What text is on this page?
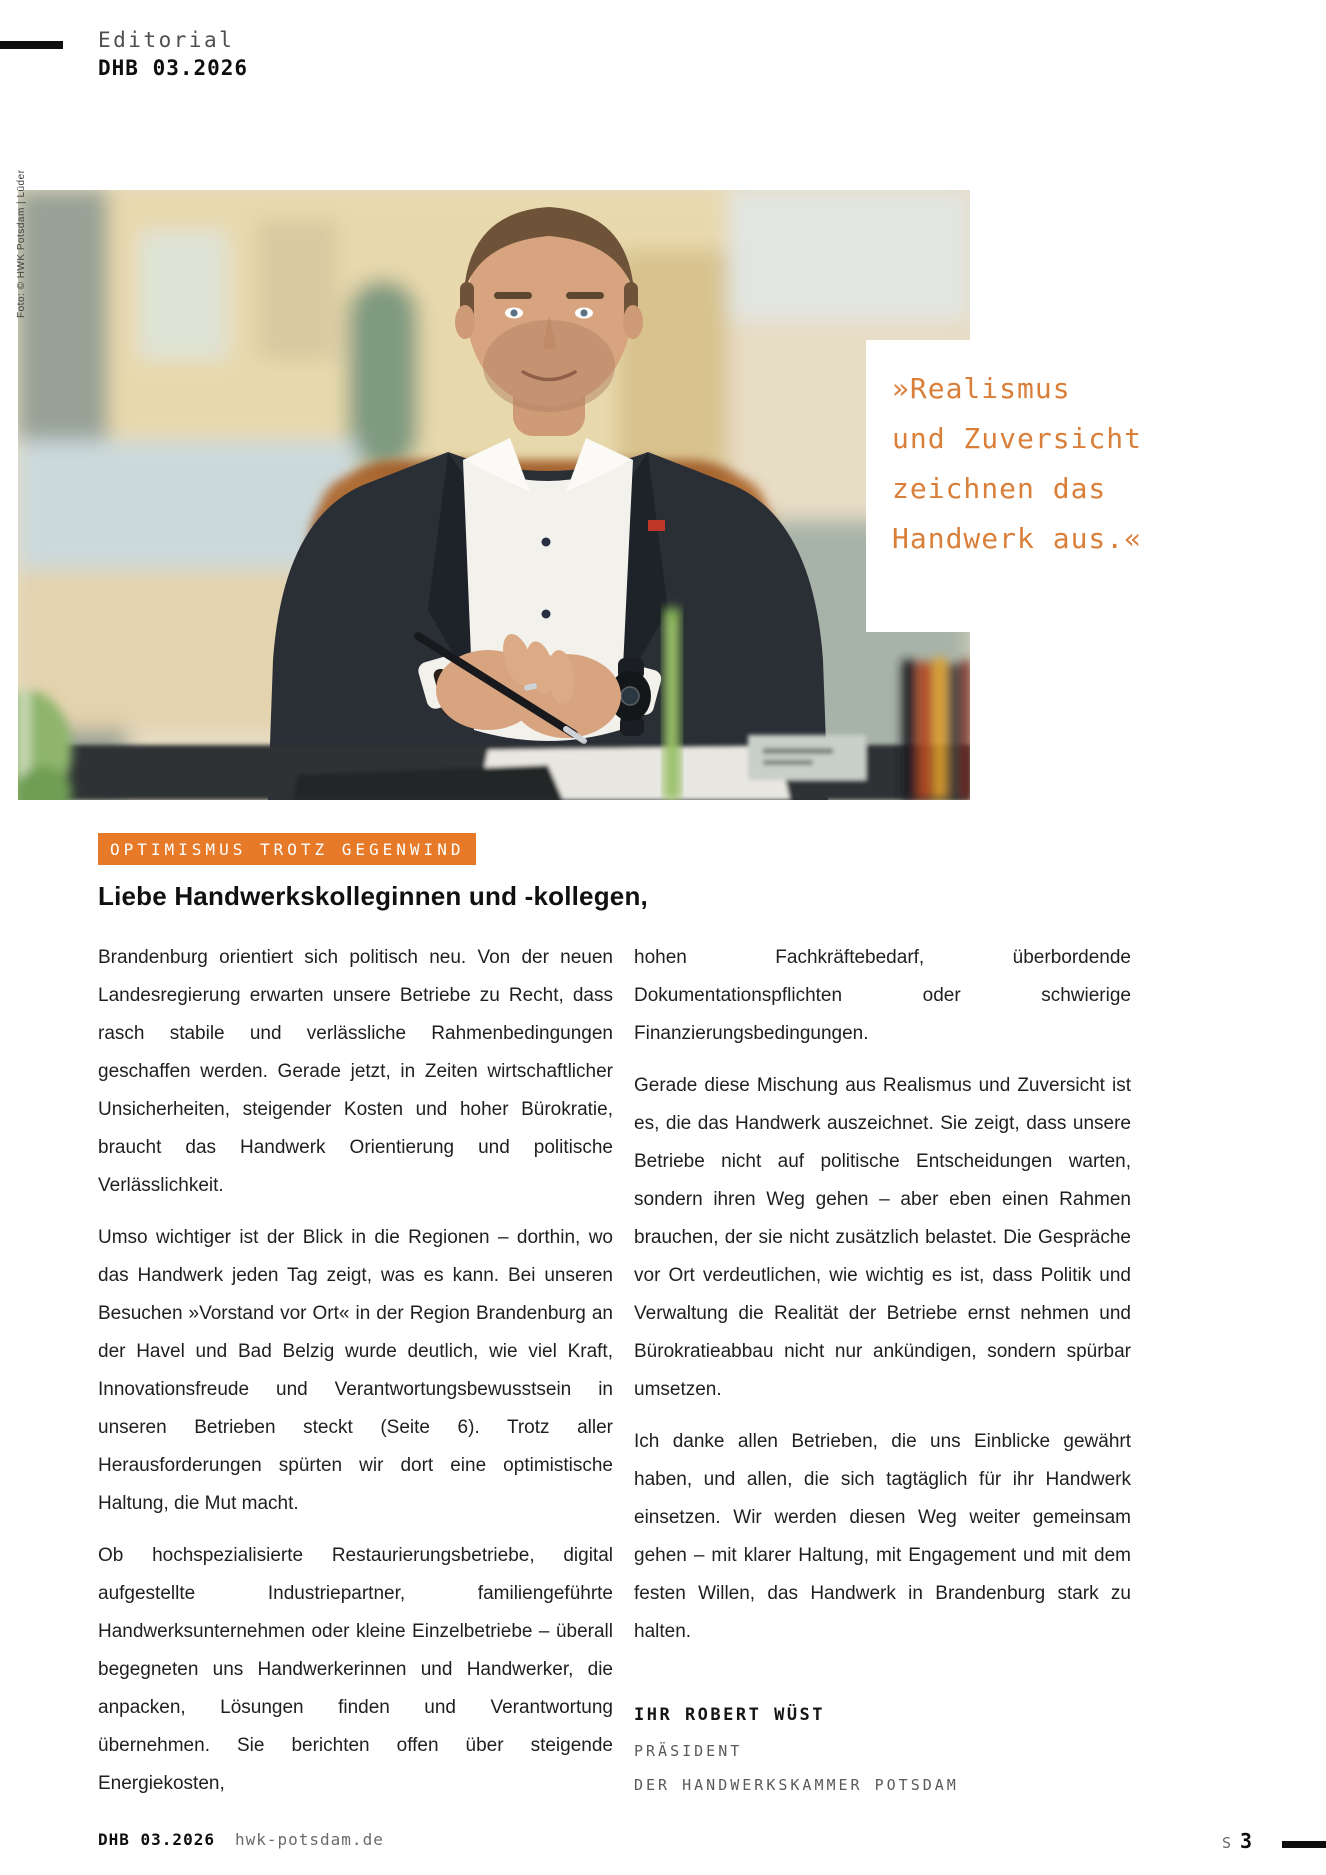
Editorial
DHB 03.2026
Foto: © HWK Potsdam | Lüder
»Realismus
und Zuversicht
zeichnen das
Handwerk aus.«
OPTIMISMUS TROTZ GEGENWIND
Liebe Handwerkskolleginnen und -kollegen,

Brandenburg orientiert sich politisch neu. Von der neuen Landesregierung erwarten unsere Betriebe zu Recht, dass rasch stabile und verlässliche Rahmenbedingungen geschaffen werden. Gerade jetzt, in Zeiten wirtschaftlicher Unsicherheiten, steigender Kosten und hoher Bürokratie, braucht das Handwerk Orientierung und politische Verlässlichkeit.

Umso wichtiger ist der Blick in die Regionen – dorthin, wo das Handwerk jeden Tag zeigt, was es kann. Bei unseren Besuchen »Vorstand vor Ort« in der Region Brandenburg an der Havel und Bad Belzig wurde deutlich, wie viel Kraft, Innovationsfreude und Verantwortungsbewusstsein in unseren Betrieben steckt (Seite 6). Trotz aller Herausforderungen spürten wir dort eine optimistische Haltung, die Mut macht.

Ob hochspezialisierte Restaurierungsbetriebe, digital aufgestellte Industriepartner, familiengeführte Handwerksunternehmen oder kleine Einzelbetriebe – überall begegneten uns Handwerkerinnen und Handwerker, die anpacken, Lösungen finden und Verantwortung übernehmen. Sie berichten offen über steigende Energiekosten,

hohen Fachkräftebedarf, überbordende Dokumentationspflichten oder schwierige Finanzierungsbedingungen.

Gerade diese Mischung aus Realismus und Zuversicht ist es, die das Handwerk auszeichnet. Sie zeigt, dass unsere Betriebe nicht auf politische Entscheidungen warten, sondern ihren Weg gehen – aber eben einen Rahmen brauchen, der sie nicht zusätzlich belastet. Die Gespräche vor Ort verdeutlichen, wie wichtig es ist, dass Politik und Verwaltung die Realität der Betriebe ernst nehmen und Bürokratieabbau nicht nur ankündigen, sondern spürbar umsetzen.

Ich danke allen Betrieben, die uns Einblicke gewährt haben, und allen, die sich tagtäglich für ihr Handwerk einsetzen. Wir werden diesen Weg weiter gemeinsam gehen – mit klarer Haltung, mit Engagement und mit dem festen Willen, das Handwerk in Brandenburg stark zu halten.

IHR ROBERT WÜST
PRÄSIDENT
DER HANDWERKSKAMMER POTSDAM
DHB 03.2026 hwk-potsdam.de	S 3
